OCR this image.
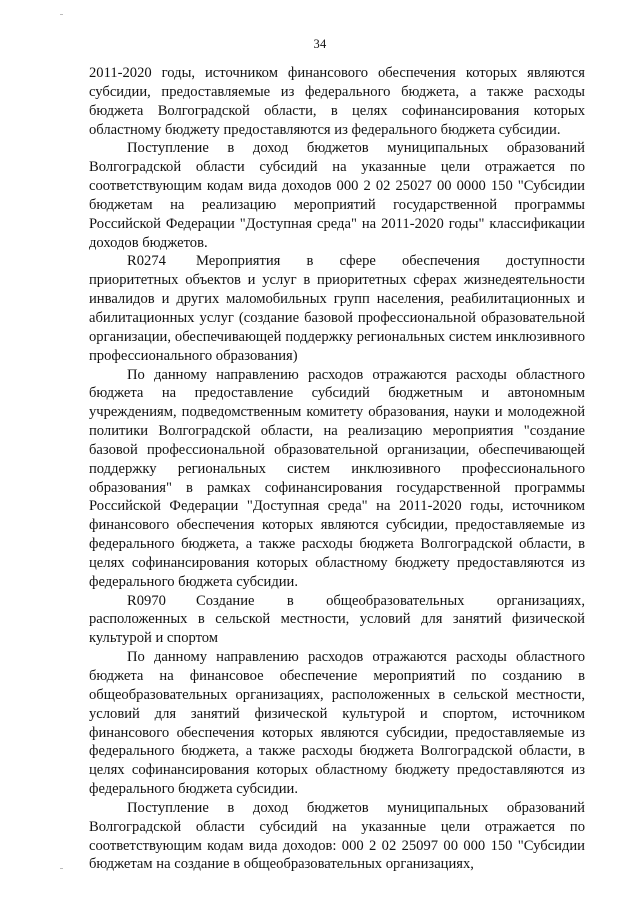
34

2011-2020 годы, источником финансового обеспечения которых являются субсидии, предоставляемые из федерального бюджета, а также расходы бюджета Волгоградской области, в целях софинансирования которых областному бюджету предоставляются из федерального бюджета субсидии.

Поступление в доход бюджетов муниципальных образований Волгоградской области субсидий на указанные цели отражается по соответствующим кодам вида доходов 000 2 02 25027 00 0000 150 "Субсидии бюджетам на реализацию мероприятий государственной программы Российской Федерации "Доступная среда" на 2011-2020 годы" классификации доходов бюджетов.

R0274	Мероприятия в сфере обеспечения доступности

приоритетных объектов и услуг в приоритетных сферах жизнедеятельности инвалидов и других маломобильных групп населения, реабилитационных и абилитационных услуг (создание базовой профессиональной образовательной организации, обеспечивающей поддержку региональных систем инклюзивного профессионального образования)

По данному направлению расходов отражаются расходы областного бюджета на предоставление субсидий бюджетным и автономным учреждениям, подведомственным комитету образования, науки и молодежной политики Волгоградской области, на реализацию мероприятия "создание базовой профессиональной образовательной организации, обеспечивающей поддержку региональных систем инклюзивного профессионального образования" в рамках софинансирования государственной программы Российской Федерации "Доступная среда" на 2011-2020 годы, источником финансового обеспечения которых являются субсидии, предоставляемые из федерального бюджета, а также расходы бюджета Волгоградской области, в целях софинансирования которых областному бюджету предоставляются из федерального бюджета субсидии.

R0970	Создание в общеобразовательных организациях,

расположенных в сельской местности, условий для занятий физической культурой и спортом

По данному направлению расходов отражаются расходы областного бюджета на финансовое обеспечение мероприятий по созданию в общеобразовательных организациях, расположенных в сельской местности, условий для занятий физической культурой и спортом, источником финансового обеспечения которых являются субсидии, предоставляемые из федерального бюджета, а также расходы бюджета Волгоградской области, в целях софинансирования которых областному бюджету предоставляются из федерального бюджета субсидии.

Поступление в доход бюджетов муниципальных образований Волгоградской области субсидий на указанные цели отражается по соответствующим кодам вида доходов: 000 2 02 25097 00 000 150 "Субсидии бюджетам на создание в общеобразовательных организациях,
